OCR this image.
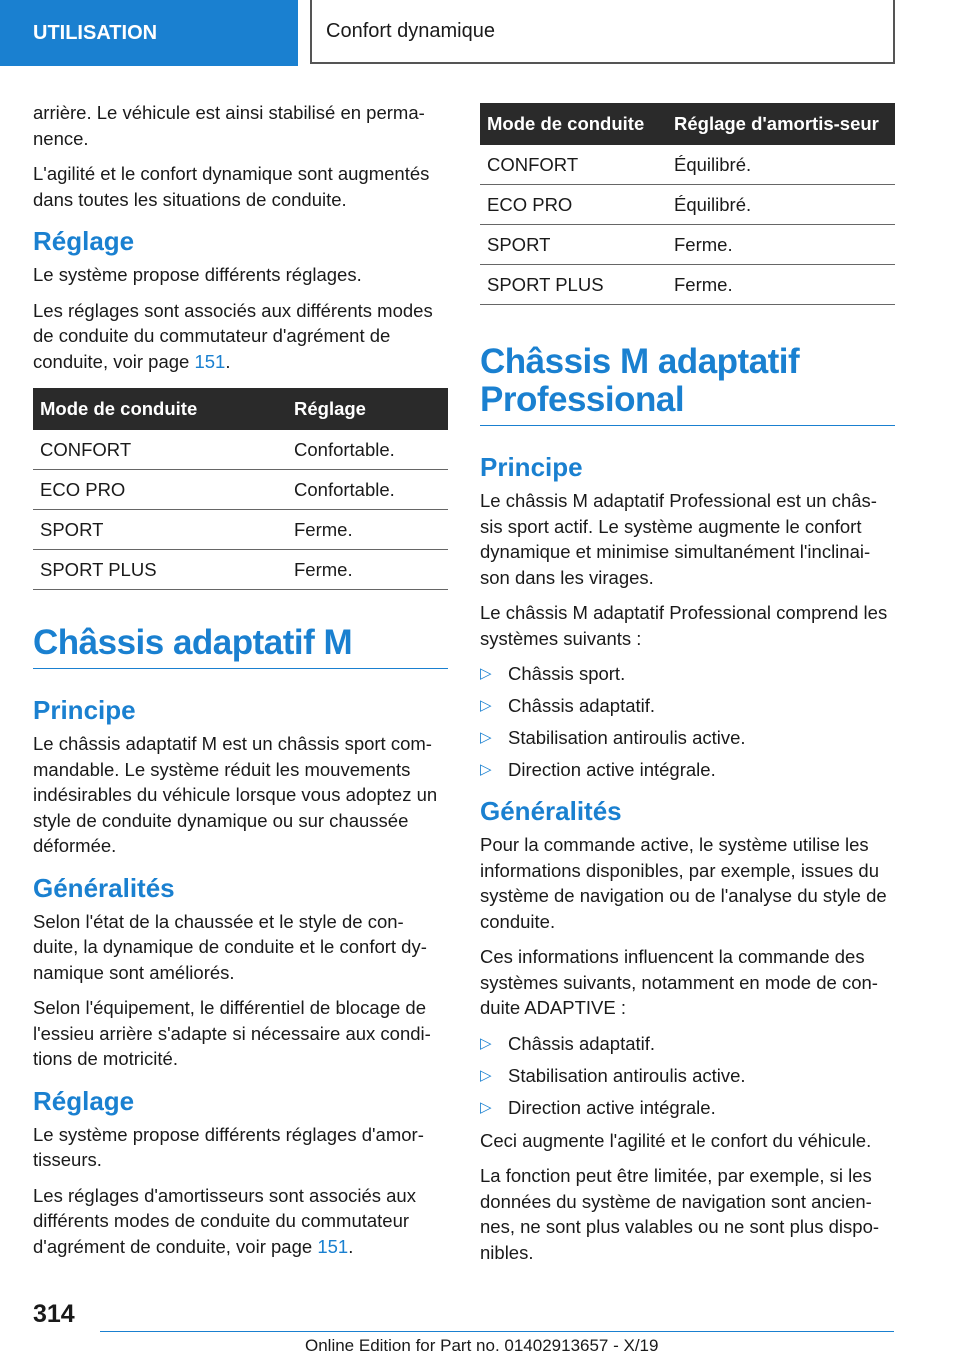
UTILISATION	Confort dynamique

arrière. Le véhicule est ainsi stabilisé en perma-nence.

L'agilité et le confort dynamique sont augmentés dans toutes les situations de conduite.

Réglage

Le système propose différents réglages.

Les réglages sont associés aux différents modes de conduite du commutateur d'agrément de conduite, voir page 151.

Mode de conduite	Réglage
CONFORT	Confortable.
ECO PRO	Confortable.
SPORT	Ferme.
SPORT PLUS	Ferme.
Châssis adaptatif M
Principe

Le châssis adaptatif M est un châssis sport com-mandable. Le système réduit les mouvements indésirables du véhicule lorsque vous adoptez un style de conduite dynamique ou sur chaussée déformée.

Généralités

Selon l'état de la chaussée et le style de con-duite, la dynamique de conduite et le confort dy-namique sont améliorés.

Selon l'équipement, le différentiel de blocage de l'essieu arrière s'adapte si nécessaire aux condi-tions de motricité.

Réglage

Le système propose différents réglages d'amor-tisseurs.

Les réglages d'amortisseurs sont associés aux différents modes de conduite du commutateur d'agrément de conduite, voir page 151.

Mode de conduite	Réglage d'amortis-seur
CONFORT	Équilibré.
ECO PRO	Équilibré.
SPORT	Ferme.
SPORT PLUS	Ferme.
Châssis M adaptatif Professional
Principe

Le châssis M adaptatif Professional est un châs-sis sport actif. Le système augmente le confort dynamique et minimise simultanément l'inclinai-son dans les virages.

Le châssis M adaptatif Professional comprend les systèmes suivants :

▷ Châssis sport.
▷ Châssis adaptatif.
▷ Stabilisation antiroulis active.
▷ Direction active intégrale.
Généralités

Pour la commande active, le système utilise les informations disponibles, par exemple, issues du système de navigation ou de l'analyse du style de conduite.

Ces informations influencent la commande des systèmes suivants, notamment en mode de con-duite ADAPTIVE :

▷ Châssis adaptatif.
▷ Stabilisation antiroulis active.
▷ Direction active intégrale.

Ceci augmente l'agilité et le confort du véhicule.

La fonction peut être limitée, par exemple, si les données du système de navigation sont ancien-nes, ne sont plus valables ou ne sont plus dispo-nibles.

314
Online Edition for Part no. 01402913657 - X/19
